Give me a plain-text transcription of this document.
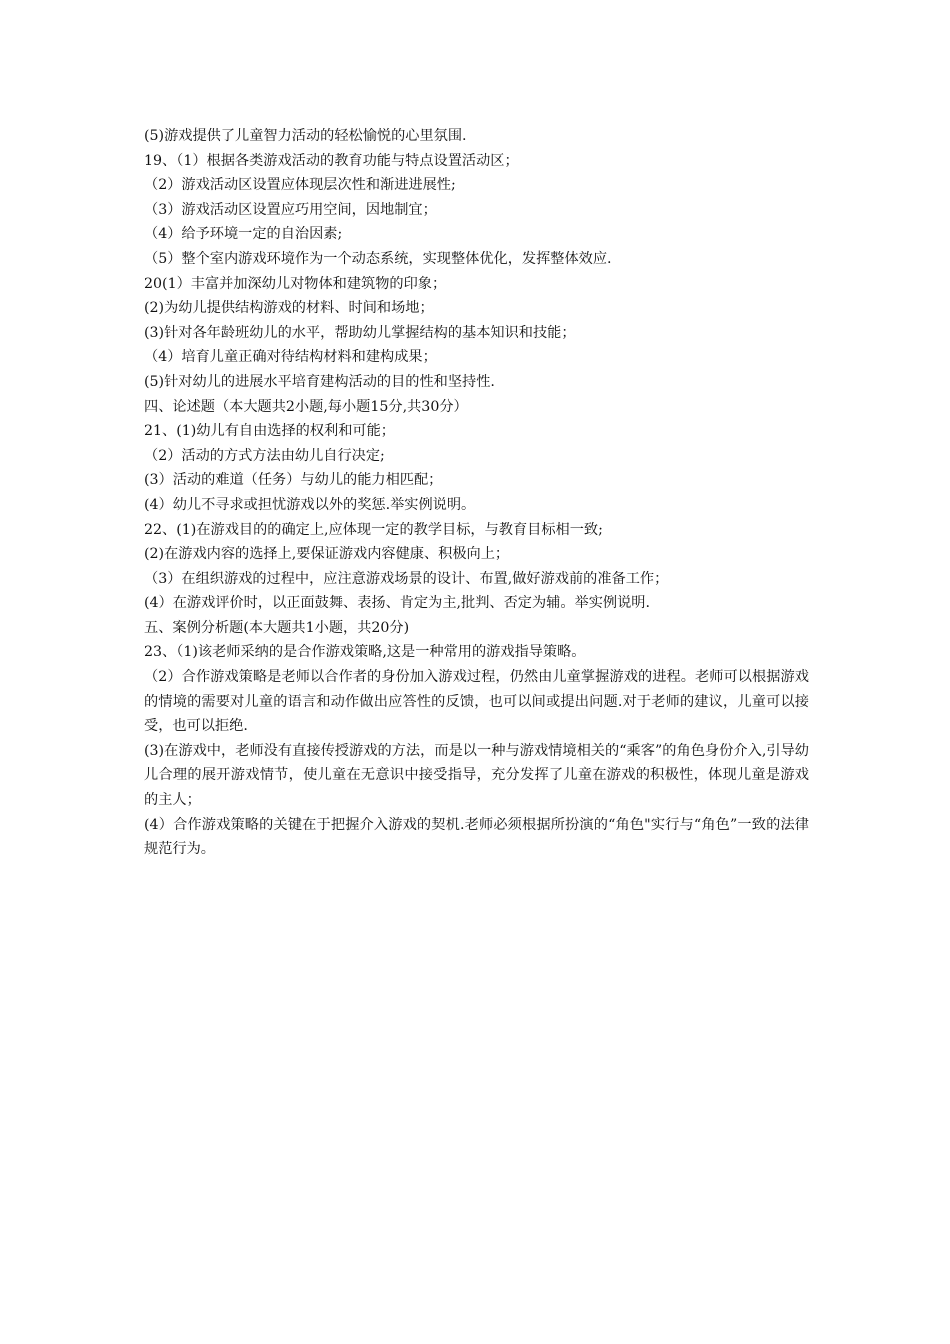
(5)游戏提供了儿童智力活动的轻松愉悦的心里氛围.
19、（1）根据各类游戏活动的教育功能与特点设置活动区；
（2）游戏活动区设置应体现层次性和渐进进展性;
（3）游戏活动区设置应巧用空间，因地制宜；
（4）给予环境一定的自治因素;
（5）整个室内游戏环境作为一个动态系统，实现整体优化，发挥整体效应.
20(1）丰富并加深幼儿对物体和建筑物的印象；
(2)为幼儿提供结构游戏的材料、时间和场地；
(3)针对各年龄班幼儿的水平，帮助幼儿掌握结构的基本知识和技能；
（4）培育儿童正确对待结构材料和建构成果；
(5)针对幼儿的进展水平培育建构活动的目的性和坚持性.
四、论述题（本大题共2小题,每小题15分,共30分）
21、(1)幼儿有自由选择的权利和可能；
（2）活动的方式方法由幼儿自行决定;
(3）活动的难道（任务）与幼儿的能力相匹配；
(4）幼儿不寻求或担忧游戏以外的奖惩.举实例说明。
22、(1)在游戏目的的确定上,应体现一定的教学目标，与教育目标相一致;
(2)在游戏内容的选择上,要保证游戏内容健康、积极向上；
（3）在组织游戏的过程中，应注意游戏场景的设计、布置,做好游戏前的准备工作；
(4）在游戏评价时，以正面鼓舞、表扬、肯定为主,批判、否定为辅。举实例说明.
五、案例分析题(本大题共1小题，共20分)
23、（1)该老师采纳的是合作游戏策略,这是一种常用的游戏指导策略。
（2）合作游戏策略是老师以合作者的身份加入游戏过程，仍然由儿童掌握游戏的进程。老师可以根据游戏的情境的需要对儿童的语言和动作做出应答性的反馈，也可以间或提出问题.对于老师的建议，儿童可以接受，也可以拒绝.
(3)在游戏中，老师没有直接传授游戏的方法，而是以一种与游戏情境相关的“乘客”的角色身份介入,引导幼儿合理的展开游戏情节，使儿童在无意识中接受指导，充分发挥了儿童在游戏的积极性，体现儿童是游戏的主人；
(4）合作游戏策略的关键在于把握介入游戏的契机.老师必须根据所扮演的“角色"实行与“角色”一致的法律规范行为。
